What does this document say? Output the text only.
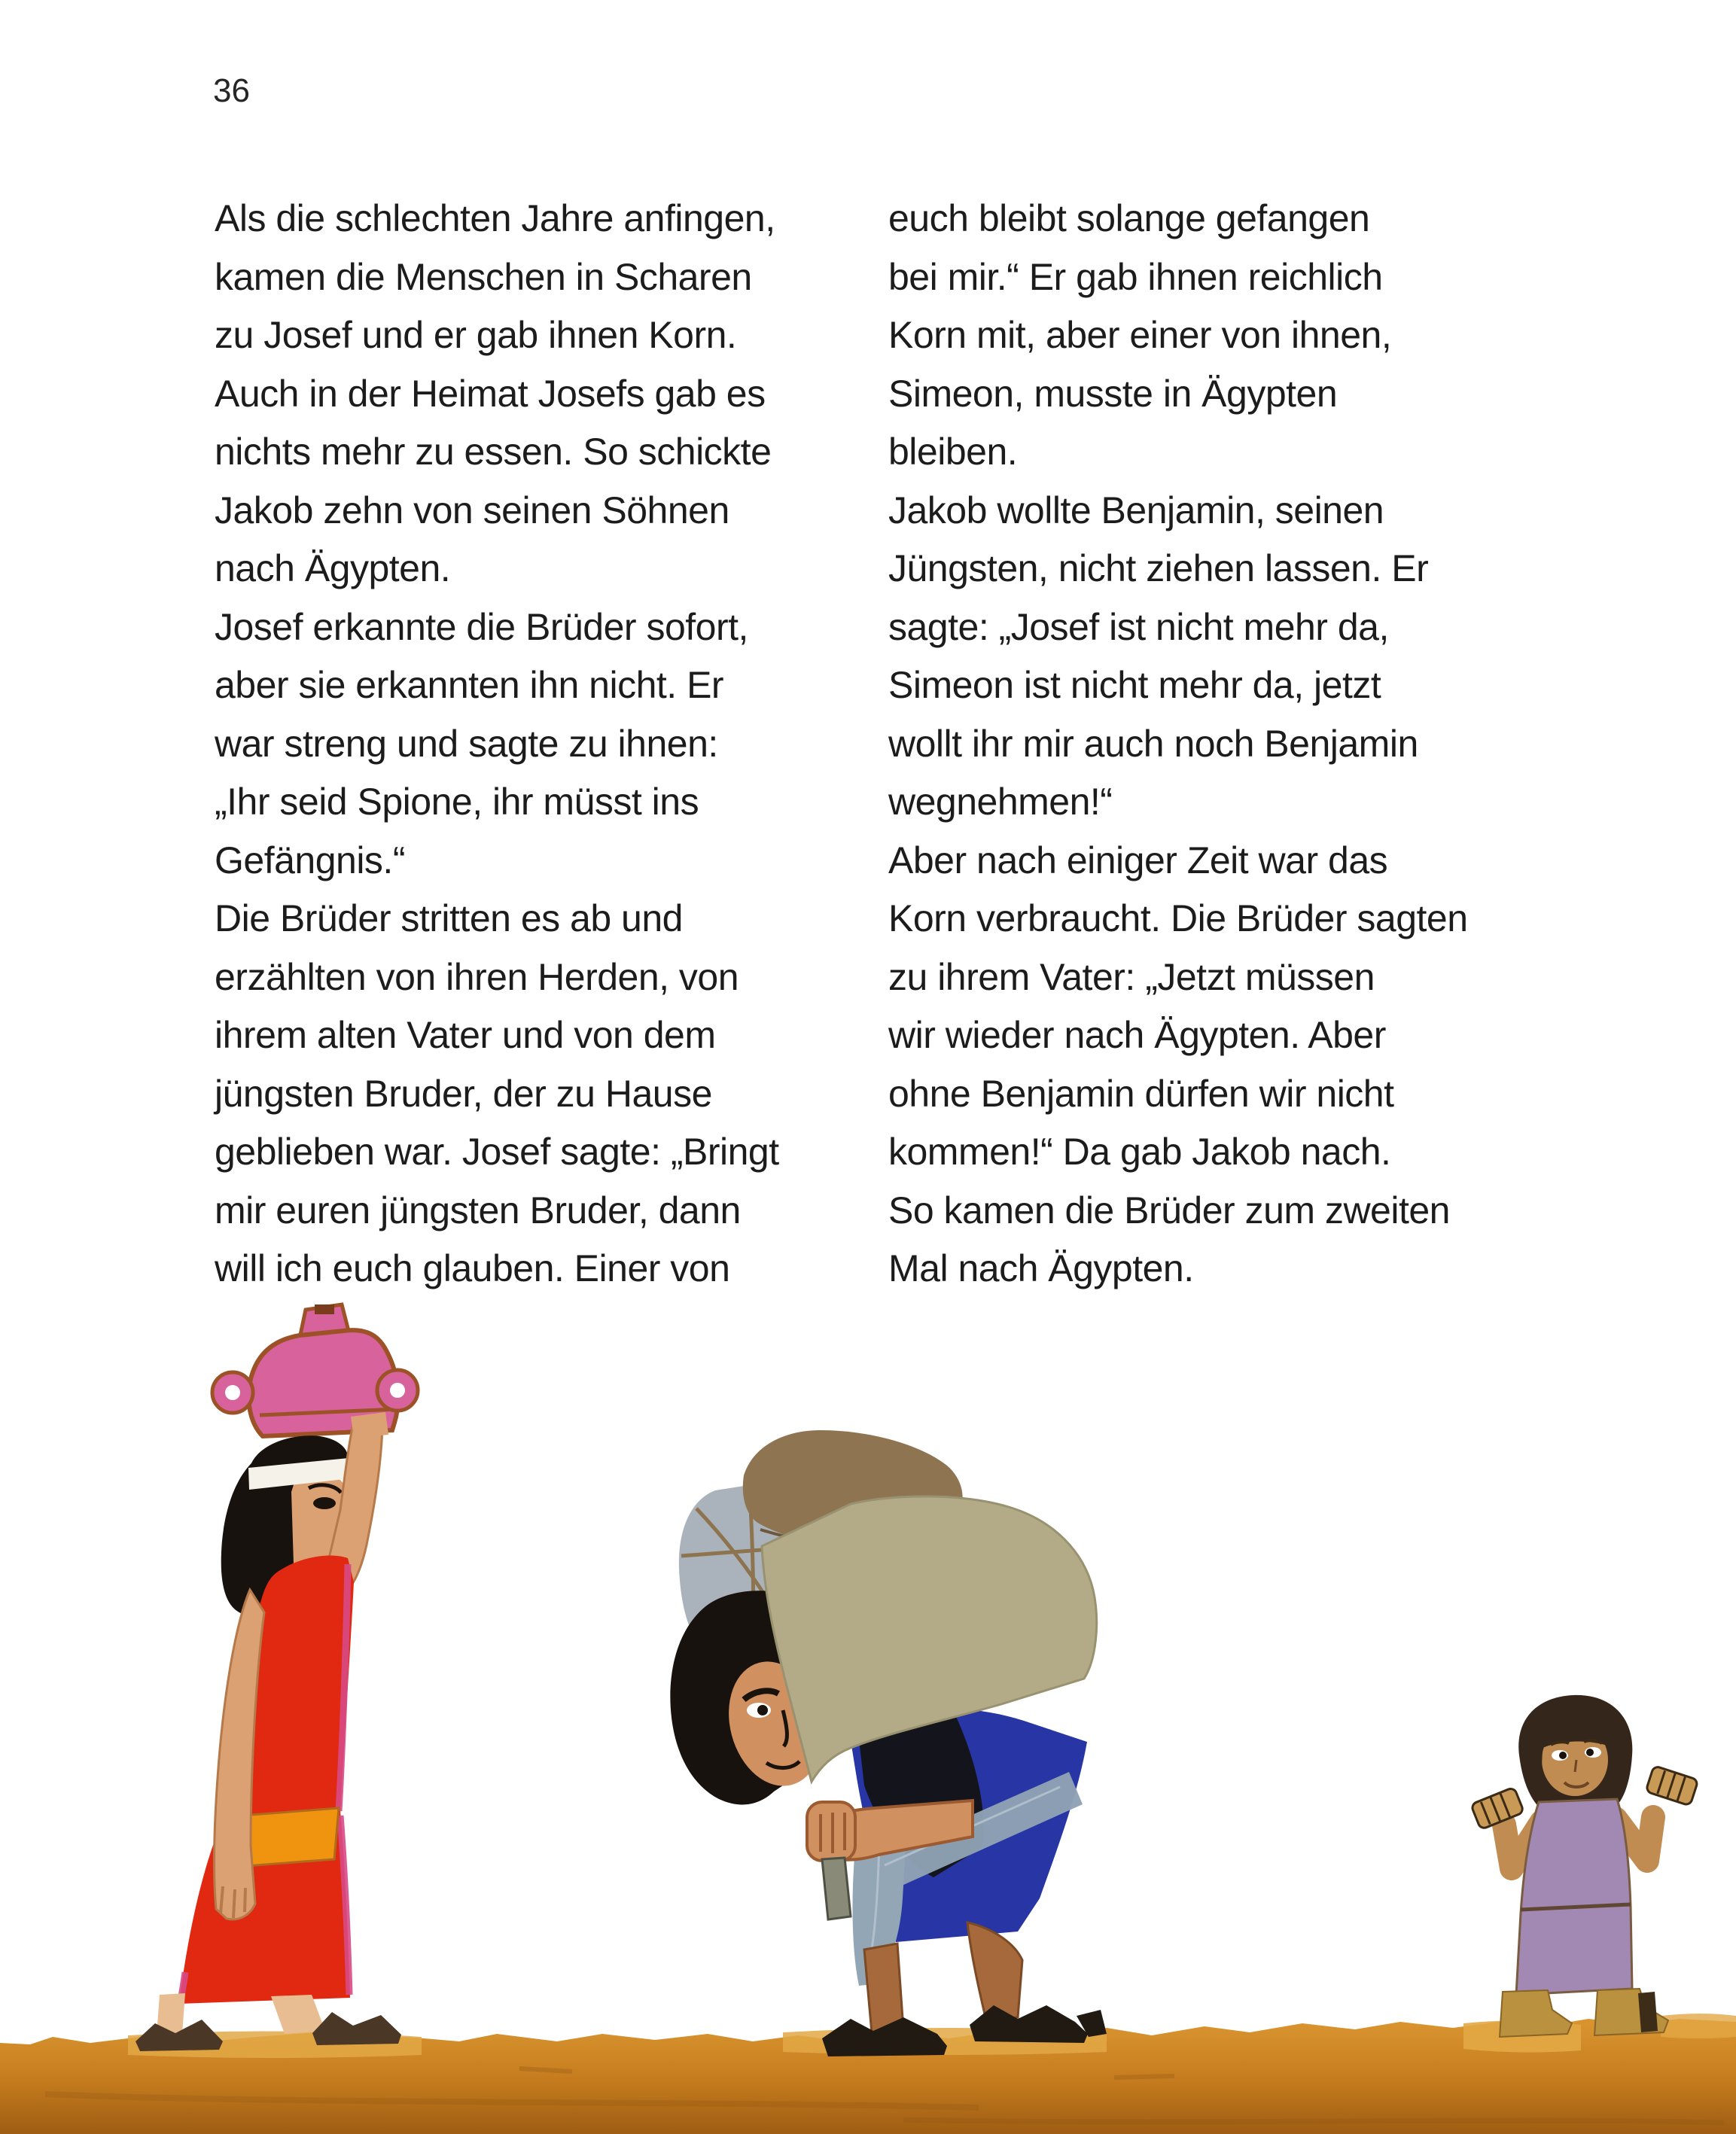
36
Als die schlechten Jahre anfingen,
kamen die Menschen in Scharen
zu Josef und er gab ihnen Korn.
Auch in der Heimat Josefs gab es
nichts mehr zu essen. So schickte
Jakob zehn von seinen Söhnen
nach Ägypten.
Josef erkannte die Brüder sofort,
aber sie erkannten ihn nicht. Er
war streng und sagte zu ihnen:
„Ihr seid Spione, ihr müsst ins
Gefängnis.“
Die Brüder stritten es ab und
erzählten von ihren Herden, von
ihrem alten Vater und von dem
jüngsten Bruder, der zu Hause
geblieben war. Josef sagte: „Bringt
mir euren jüngsten Bruder, dann
will ich euch glauben. Einer von
euch bleibt solange gefangen
bei mir.“ Er gab ihnen reichlich
Korn mit, aber einer von ihnen,
Simeon, musste in Ägypten
bleiben.
Jakob wollte Benjamin, seinen
Jüngsten, nicht ziehen lassen. Er
sagte: „Josef ist nicht mehr da,
Simeon ist nicht mehr da, jetzt
wollt ihr mir auch noch Benjamin
wegnehmen!“
Aber nach einiger Zeit war das
Korn verbraucht. Die Brüder sagten
zu ihrem Vater: „Jetzt müssen
wir wieder nach Ägypten. Aber
ohne Benjamin dürfen wir nicht
kommen!“ Da gab Jakob nach.
So kamen die Brüder zum zweiten
Mal nach Ägypten.
